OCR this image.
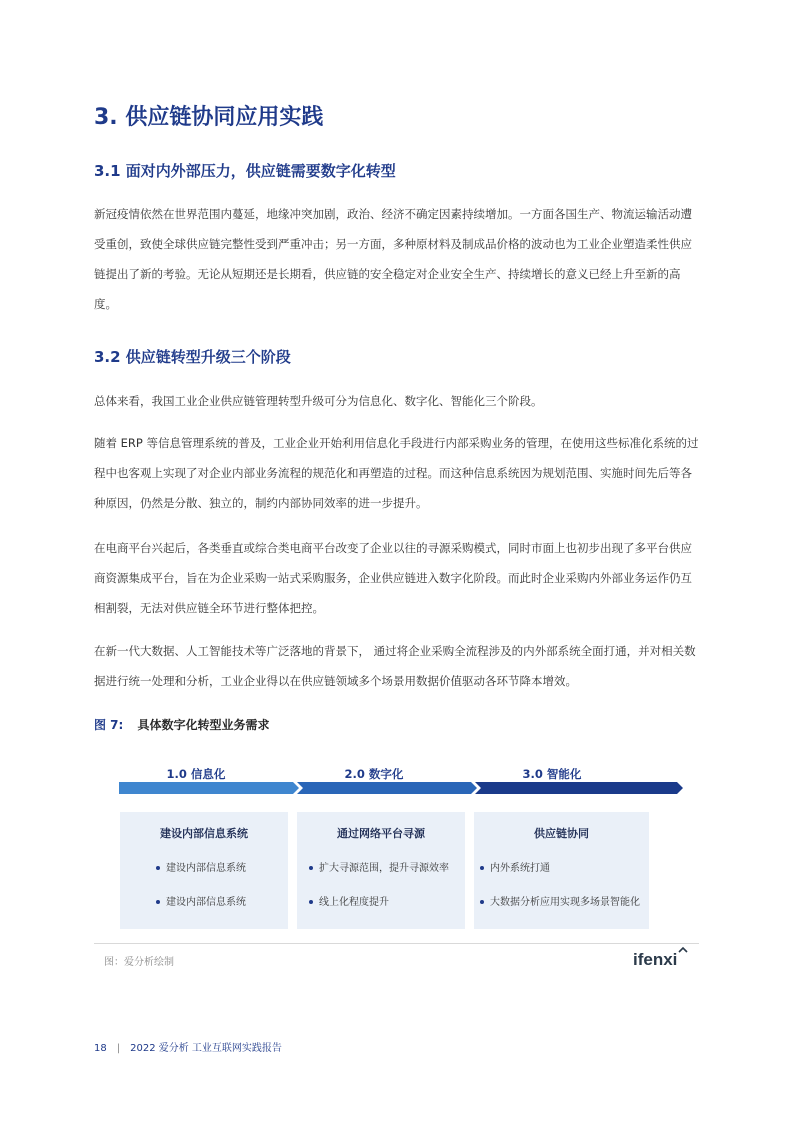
3. 供应链协同应用实践
3.1 面对内外部压力，供应链需要数字化转型

新冠疫情依然在世界范围内蔓延，地缘冲突加剧，政治、经济不确定因素持续增加。一方面各国生产、物流运输活动遭受重创，致使全球供应链完整性受到严重冲击；另一方面，多种原材料及制成品价格的波动也为工业企业塑造柔性供应链提出了新的考验。无论从短期还是长期看，供应链的安全稳定对企业安全生产、持续增长的意义已经上升至新的高度。

3.2 供应链转型升级三个阶段

总体来看，我国工业企业供应链管理转型升级可分为信息化、数字化、智能化三个阶段。

随着 ERP 等信息管理系统的普及，工业企业开始利用信息化手段进行内部采购业务的管理，在使用这些标准化系统的过程中也客观上实现了对企业内部业务流程的规范化和再塑造的过程。而这种信息系统因为规划范围、实施时间先后等各种原因，仍然是分散、独立的，制约内部协同效率的进一步提升。

在电商平台兴起后，各类垂直或综合类电商平台改变了企业以往的寻源采购模式，同时市面上也初步出现了多平台供应商资源集成平台，旨在为企业采购一站式采购服务，企业供应链进入数字化阶段。而此时企业采购内外部业务运作仍互相割裂，无法对供应链全环节进行整体把控。

在新一代大数据、人工智能技术等广泛落地的背景下， 通过将企业采购全流程涉及的内外部系统全面打通，并对相关数据进行统一处理和分析，工业企业得以在供应链领域多个场景用数据价值驱动各环节降本增效。

图 7: 具体数字化转型业务需求
1.0 信息化	2.0 数字化	3.0 智能化
建设内部信息系统
建设内部信息系统
建设内部信息系统
通过网络平台寻源
扩大寻源范围，提升寻源效率
线上化程度提升
供应链协同
内外系统打通
大数据分析应用实现多场景智能化
图：爱分析绘制	ifenxi
18 | 2022 爱分析 工业互联网实践报告
